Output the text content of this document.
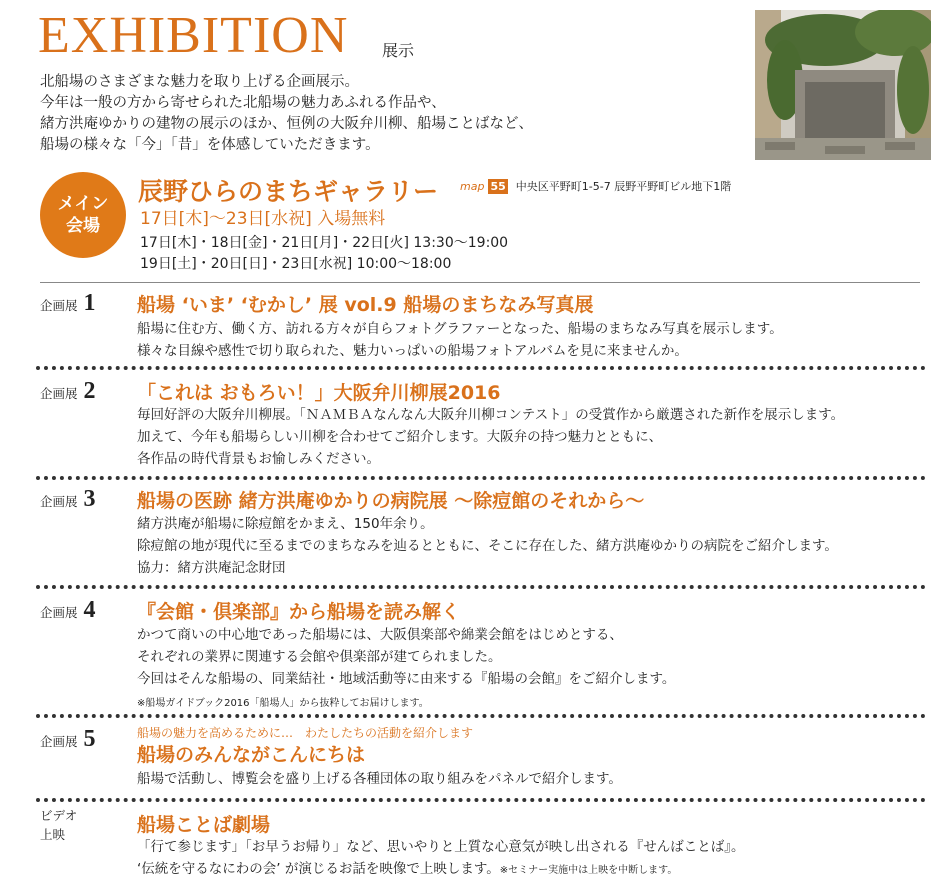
EXHIBITION 展示
北船場のさまざまな魅力を取り上げる企画展示。
今年は一般の方から寄せられた北船場の魅力あふれる作品や、
緒方洪庵ゆかりの建物の展示のほか、恒例の大阪弁川柳、船場ことばなど、
船場の様々な「今」「昔」を体感していただきます。
メイン
会場
辰野ひらのまちギャラリー map 55 中央区平野町1-5-7 辰野平野町ビル地下1階
17日[木]～23日[水祝] 入場無料
17日[木]・18日[金]・21日[月]・22日[火] 13:30～19:00
19日[土]・20日[日]・23日[水祝] 10:00～18:00
企画展 1 船場 ‘いま’ ‘むかし’ 展 vol.9 船場のまちなみ写真展
船場に住む方、働く方、訪れる方々が自らフォトグラファーとなった、船場のまちなみ写真を展示します。
様々な目線や感性で切り取られた、魅力いっぱいの船場フォトアルバムを見に来ませんか。
企画展 2 「これは おもろい！」大阪弁川柳展2016
毎回好評の大阪弁川柳展。「ＮＡＭＢＡなんなん大阪弁川柳コンテスト」の受賞作から厳選された新作を展示します。
加えて、今年も船場らしい川柳を合わせてご紹介します。大阪弁の持つ魅力とともに、
各作品の時代背景もお愉しみください。
企画展 3 船場の医跡 緒方洪庵ゆかりの病院展 ～除痘館のそれから～
緒方洪庵が船場に除痘館をかまえ、150年余り。
除痘館の地が現代に至るまでのまちなみを辿るとともに、そこに存在した、緒方洪庵ゆかりの病院をご紹介します。
協力：緒方洪庵記念財団
企画展 4 『会館・倶楽部』から船場を読み解く
かつて商いの中心地であった船場には、大阪倶楽部や綿業会館をはじめとする、
それぞれの業界に関連する会館や倶楽部が建てられました。
今回はそんな船場の、同業結社・地域活動等に由来する『船場の会館』をご紹介します。
※船場ガイドブック2016「船場人」から抜粋してお届けします。
企画展 5	船場の魅力を高めるために…　わたしたちの活動を紹介します
船場のみんながこんにちは
船場で活動し、博覧会を盛り上げる各種団体の取り組みをパネルで紹介します。
ビデオ
上映	船場ことば劇場
「行て参じます」「お早うお帰り」など、思いやりと上質な心意気が映し出される『せんばことば』。
‘伝統を守るなにわの会’ が演じるお話を映像で上映します。※セミナー実施中は上映を中断します。
